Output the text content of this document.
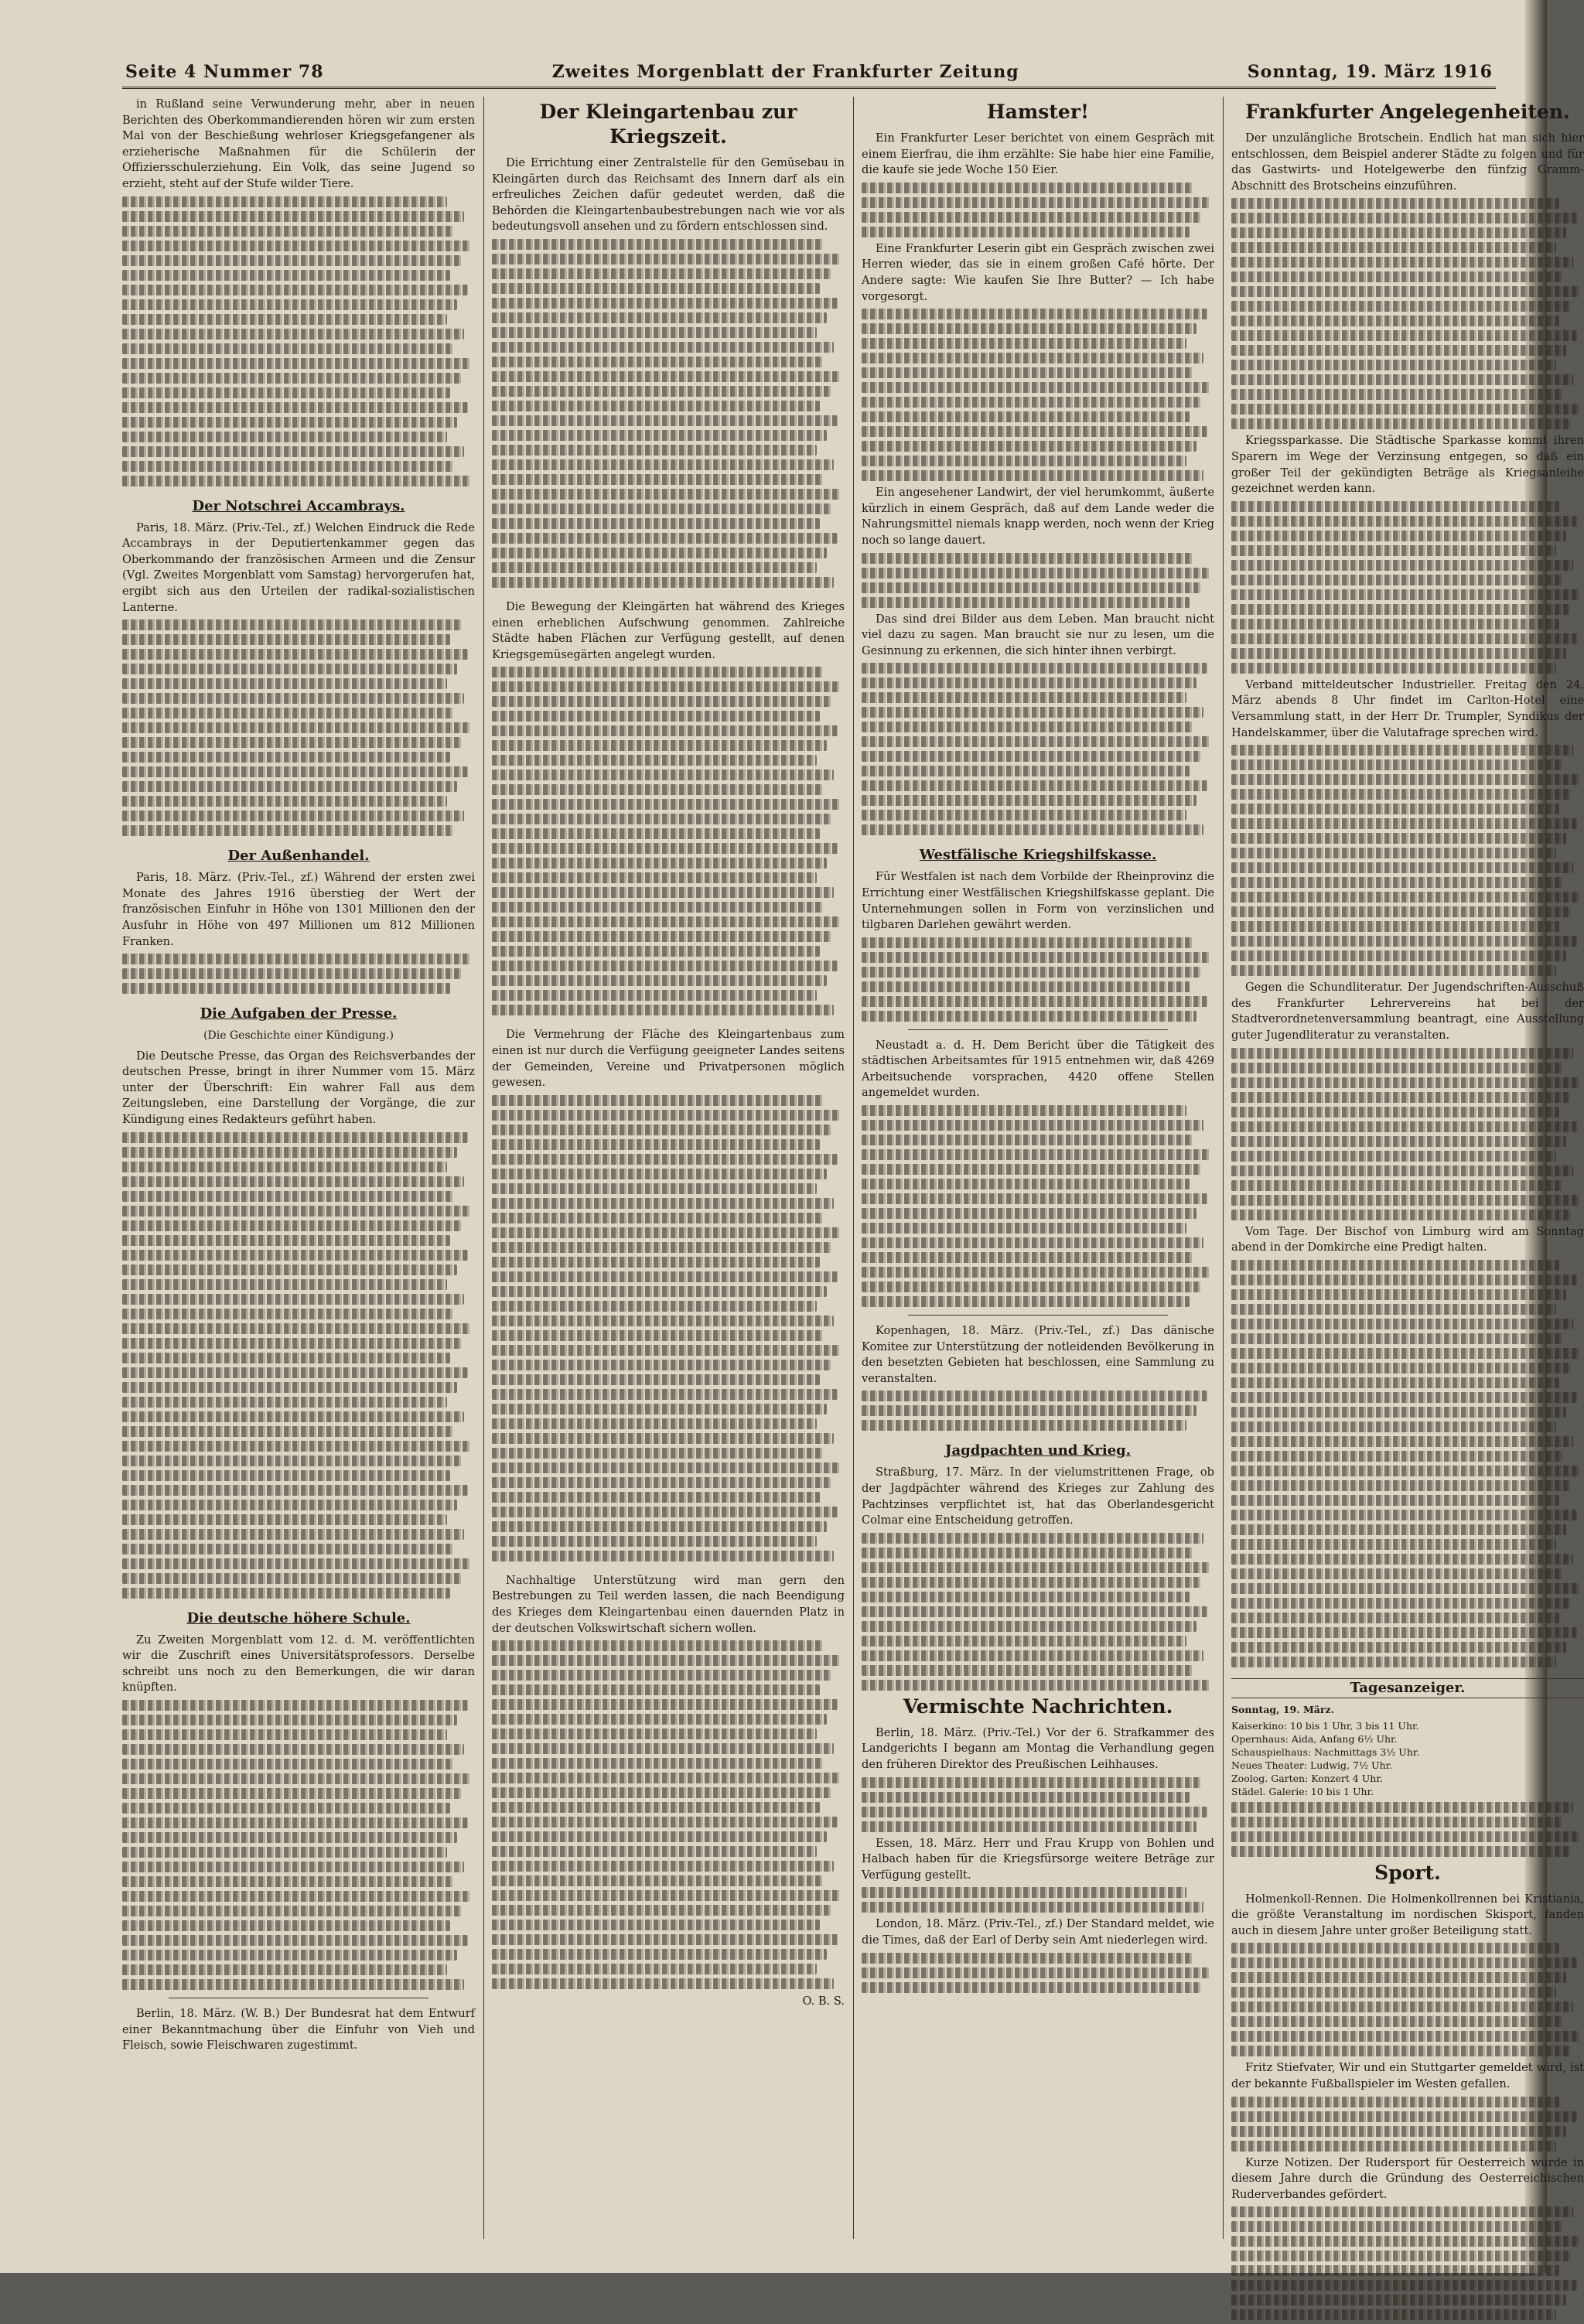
Seite 4 Nummer 78	Zweites Morgenblatt der Frankfurter Zeitung	Sonntag, 19. März 1916

in Rußland seine Verwunderung mehr, aber in neuen Berichten des Oberkommandierenden hören wir zum ersten Mal von der Beschießung wehrloser Kriegsgefangener als erzieherische Maßnahmen für die Schülerin der Offiziersschulerziehung. Ein Volk, das seine Jugend so erzieht, steht auf der Stufe wilder Tiere.

Der Notschrei Accambrays.

Paris, 18. März. (Priv.-Tel., zf.) Welchen Eindruck die Rede Accambrays in der Deputiertenkammer gegen das Oberkommando der französischen Armeen und die Zensur (Vgl. Zweites Morgenblatt vom Samstag) hervorgerufen hat, ergibt sich aus den Urteilen der radikal-sozialistischen Lanterne.

Der Außenhandel.

Paris, 18. März. (Priv.-Tel., zf.) Während der ersten zwei Monate des Jahres 1916 überstieg der Wert der französischen Einfuhr in Höhe von 1301 Millionen den der Ausfuhr in Höhe von 497 Millionen um 812 Millionen Franken.

Die Aufgaben der Presse.
(Die Geschichte einer Kündigung.)

Die Deutsche Presse, das Organ des Reichsverbandes der deutschen Presse, bringt in ihrer Nummer vom 15. März unter der Überschrift: Ein wahrer Fall aus dem Zeitungsleben, eine Darstellung der Vorgänge, die zur Kündigung eines Redakteurs geführt haben.

Die deutsche höhere Schule.

Zu Zweiten Morgenblatt vom 12. d. M. veröffentlichten wir die Zuschrift eines Universitätsprofessors. Derselbe schreibt uns noch zu den Bemerkungen, die wir daran knüpften.

Berlin, 18. März. (W. B.) Der Bundesrat hat dem Entwurf einer Bekanntmachung über die Einfuhr von Vieh und Fleisch, sowie Fleischwaren zugestimmt.

Der Kleingartenbau zur Kriegszeit.

Die Errichtung einer Zentralstelle für den Gemüsebau in Kleingärten durch das Reichsamt des Innern darf als ein erfreuliches Zeichen dafür gedeutet werden, daß die Behörden die Kleingartenbaubestrebungen nach wie vor als bedeutungsvoll ansehen und zu fördern entschlossen sind.

Die Bewegung der Kleingärten hat während des Krieges einen erheblichen Aufschwung genommen. Zahlreiche Städte haben Flächen zur Verfügung gestellt, auf denen Kriegsgemüsegärten angelegt wurden.

Die Vermehrung der Fläche des Kleingartenbaus zum einen ist nur durch die Verfügung geeigneter Landes seitens der Gemeinden, Vereine und Privatpersonen möglich gewesen.

Nachhaltige Unterstützung wird man gern den Bestrebungen zu Teil werden lassen, die nach Beendigung des Krieges dem Kleingartenbau einen dauernden Platz in der deutschen Volkswirtschaft sichern wollen.

O. B. S.
Hamster!

Ein Frankfurter Leser berichtet von einem Gespräch mit einem Eierfrau, die ihm erzählte: Sie habe hier eine Familie, die kaufe sie jede Woche 150 Eier.

Eine Frankfurter Leserin gibt ein Gespräch zwischen zwei Herren wieder, das sie in einem großen Café hörte. Der Andere sagte: Wie kaufen Sie Ihre Butter? — Ich habe vorgesorgt.

Ein angesehener Landwirt, der viel herumkommt, äußerte kürzlich in einem Gespräch, daß auf dem Lande weder die Nahrungsmittel niemals knapp werden, noch wenn der Krieg noch so lange dauert.

Das sind drei Bilder aus dem Leben. Man braucht nicht viel dazu zu sagen. Man braucht sie nur zu lesen, um die Gesinnung zu erkennen, die sich hinter ihnen verbirgt.

Westfälische Kriegshilfskasse.

Für Westfalen ist nach dem Vorbilde der Rheinprovinz die Errichtung einer Westfälischen Kriegshilfskasse geplant. Die Unternehmungen sollen in Form von verzinslichen und tilgbaren Darlehen gewährt werden.

Neustadt a. d. H. Dem Bericht über die Tätigkeit des städtischen Arbeitsamtes für 1915 entnehmen wir, daß 4269 Arbeitsuchende vorsprachen, 4420 offene Stellen angemeldet wurden.

Kopenhagen, 18. März. (Priv.-Tel., zf.) Das dänische Komitee zur Unterstützung der notleidenden Bevölkerung in den besetzten Gebieten hat beschlossen, eine Sammlung zu veranstalten.

Jagdpachten und Krieg.

Straßburg, 17. März. In der vielumstrittenen Frage, ob der Jagdpächter während des Krieges zur Zahlung des Pachtzinses verpflichtet ist, hat das Oberlandesgericht Colmar eine Entscheidung getroffen.

Vermischte Nachrichten.

Berlin, 18. März. (Priv.-Tel.) Vor der 6. Strafkammer des Landgerichts I begann am Montag die Verhandlung gegen den früheren Direktor des Preußischen Leihhauses.

Essen, 18. März. Herr und Frau Krupp von Bohlen und Halbach haben für die Kriegsfürsorge weitere Beträge zur Verfügung gestellt.

London, 18. März. (Priv.-Tel., zf.) Der Standard meldet, wie die Times, daß der Earl of Derby sein Amt niederlegen wird.

Frankfurter Angelegenheiten.

Der unzulängliche Brotschein. Endlich hat man sich hier entschlossen, dem Beispiel anderer Städte zu folgen und für das Gastwirts- und Hotelgewerbe den fünfzig Gramm-Abschnitt des Brotscheins einzuführen.

Kriegssparkasse. Die Städtische Sparkasse kommt ihren Sparern im Wege der Verzinsung entgegen, so daß ein großer Teil der gekündigten Beträge als Kriegsanleihe gezeichnet werden kann.

Verband mitteldeutscher Industrieller. Freitag den 24. März abends 8 Uhr findet im Carlton-Hotel eine Versammlung statt, in der Herr Dr. Trumpler, Syndikus der Handelskammer, über die Valutafrage sprechen wird.

Gegen die Schundliteratur. Der Jugendschriften-Ausschuß des Frankfurter Lehrervereins hat bei der Stadtverordnetenversammlung beantragt, eine Ausstellung guter Jugendliteratur zu veranstalten.

Vom Tage. Der Bischof von Limburg wird am Sonntag abend in der Domkirche eine Predigt halten.

Tagesanzeiger.
Sonntag, 19. März.
Kaiserkino: 10 bis 1 Uhr, 3 bis 11 Uhr.
Opernhaus: Aida, Anfang 6½ Uhr.
Schauspielhaus: Nachmittags 3½ Uhr.
Neues Theater: Ludwig, 7½ Uhr.
Zoolog. Garten: Konzert 4 Uhr.
Städel. Galerie: 10 bis 1 Uhr.
Sport.

Holmenkoll-Rennen. Die Holmenkollrennen bei Kristiania, die größte Veranstaltung im nordischen Skisport, fanden auch in diesem Jahre unter großer Beteiligung statt.

Fritz Stiefvater, Wir und ein Stuttgarter gemeldet wird, ist der bekannte Fußballspieler im Westen gefallen.

Kurze Notizen. Der Rudersport für Oesterreich wurde in diesem Jahre durch die Gründung des Oesterreichischen Ruderverbandes gefördert.
